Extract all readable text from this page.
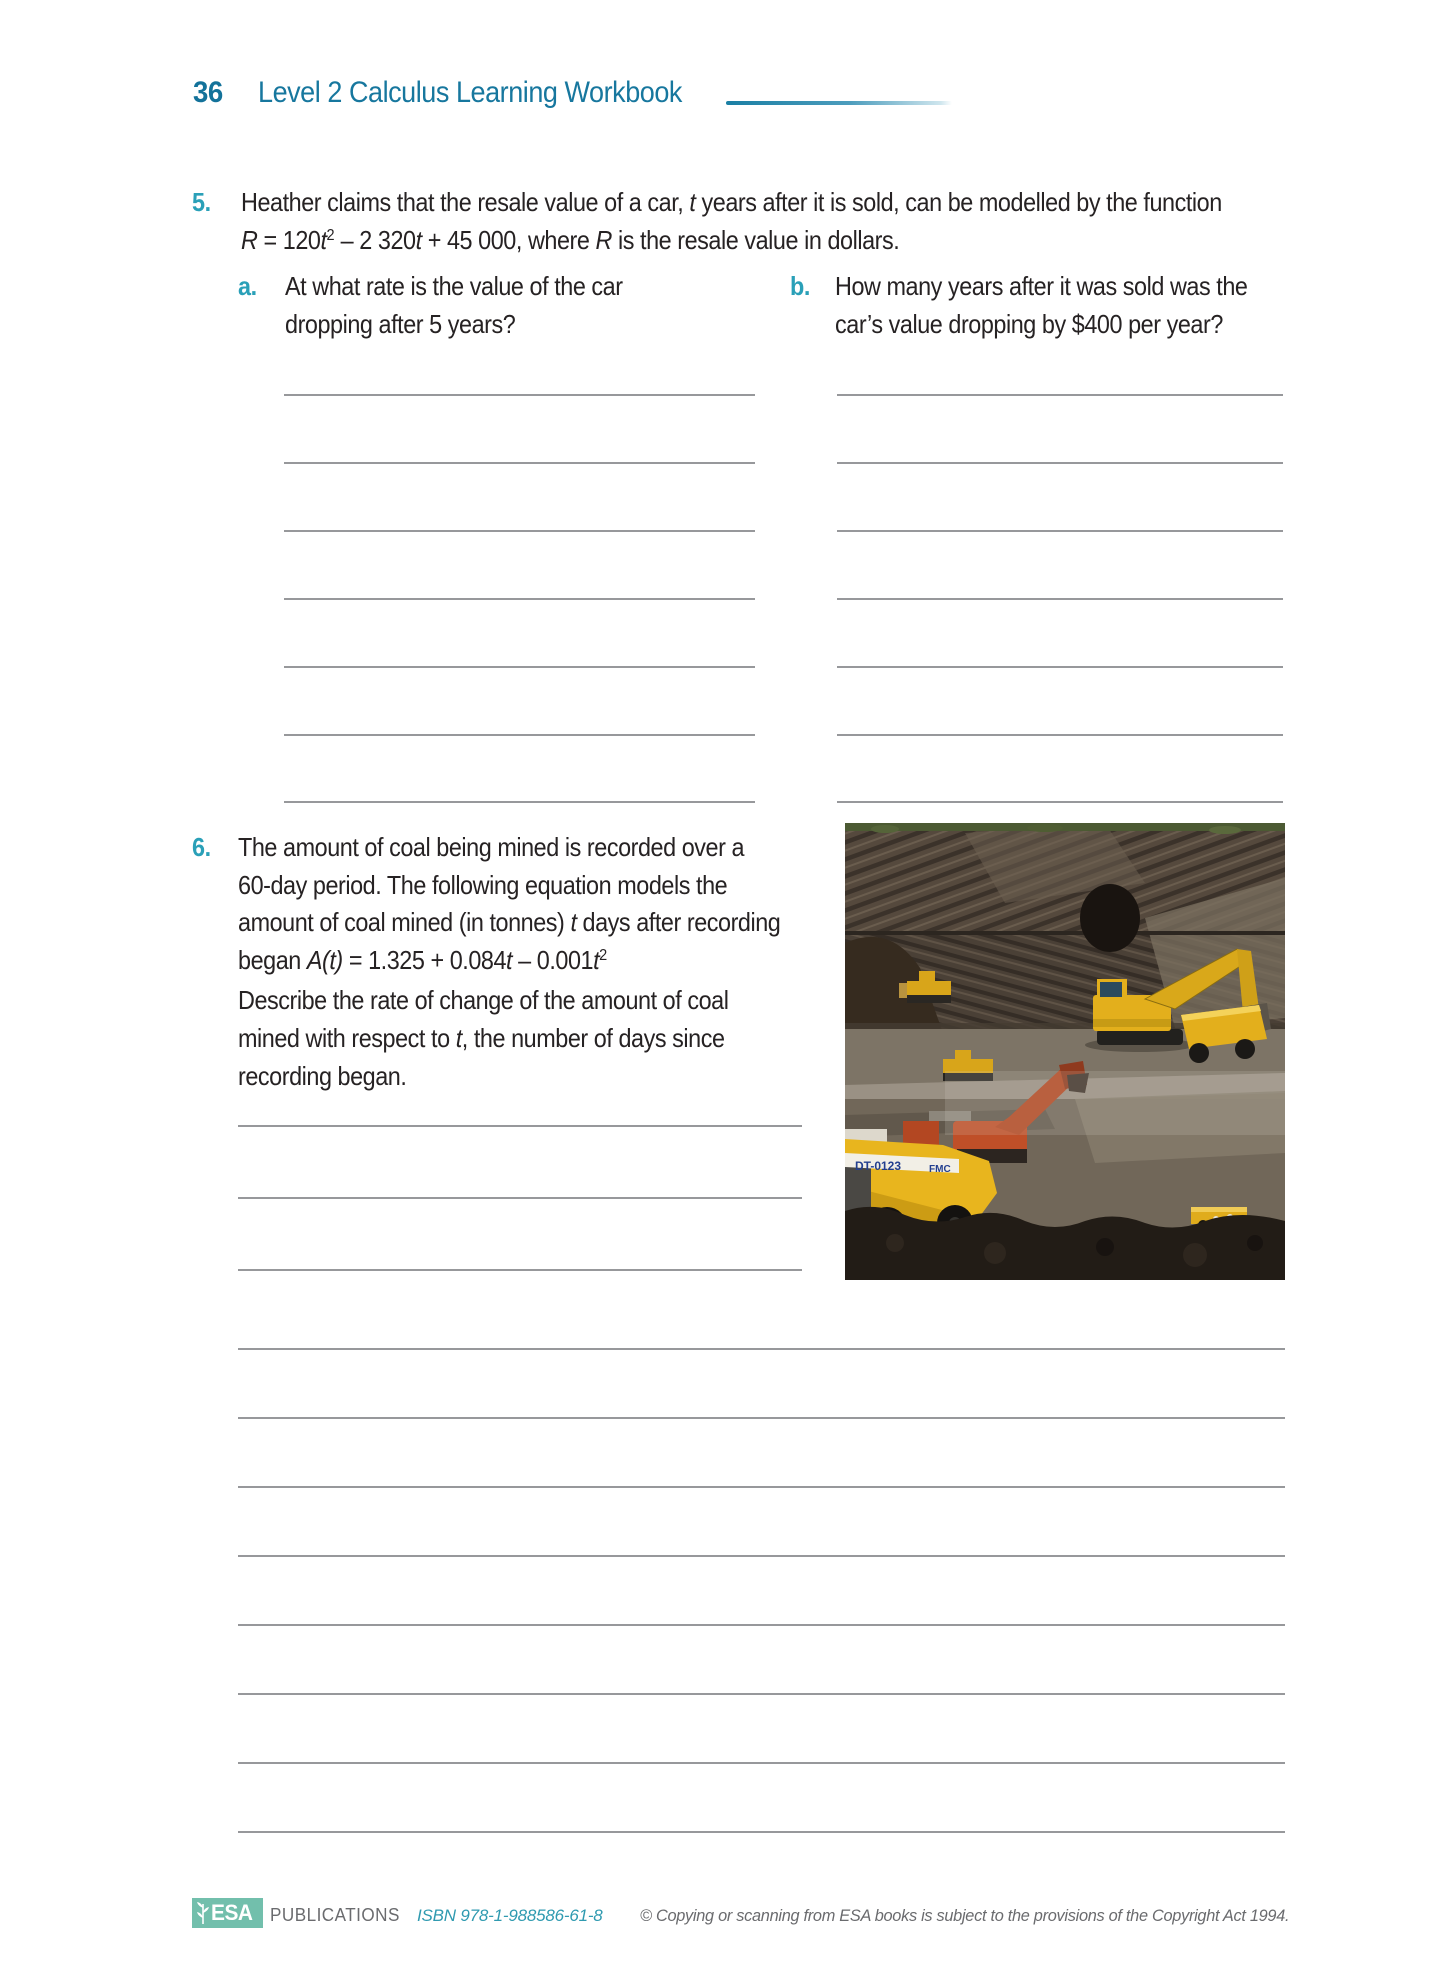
36 Level 2 Calculus Learning Workbook
5. Heather claims that the resale value of a car, t years after it is sold, can be modelled by the function
$R = 120t^2 - 2$ 320t + 45 000, where R is the resale value in dollars.
a. At what rate is the value of the car
dropping after 5 years?
b. How many years after it was sold was the
car’s value dropping by $400 per year?
6. The amount of coal being mined is recorded over a
60-day period. The following equation models the
amount of coal mined (in tonnes) t days after recording
began $A(t) = 1.325 + 0.084t - 0.001t^2$
Describe the rate of change of the amount of coal
mined with respect to t, the number of days since
recording began.
DT-0123	FMC
ESA PUBLICATIONS ISBN 978-1-988586-61-8 © Copying or scanning from ESA books is subject to the provisions of the Copyright Act 1994.
